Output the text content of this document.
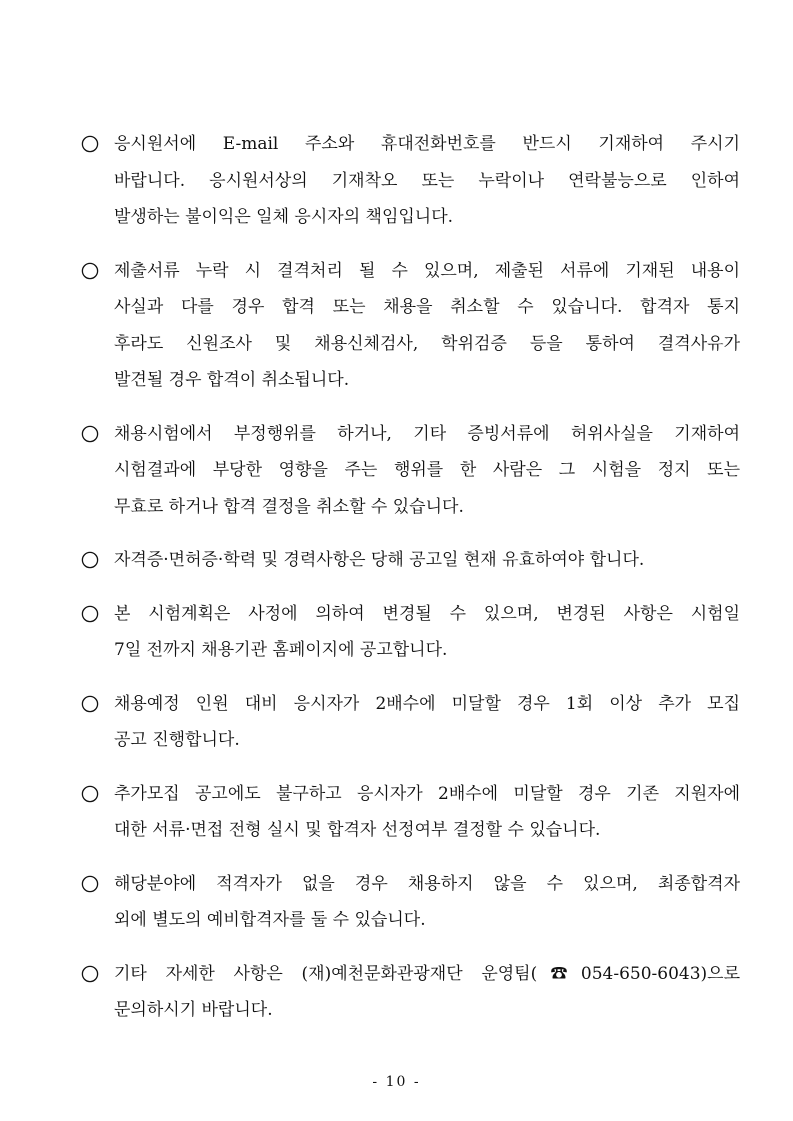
응시원서에 E-mail 주소와 휴대전화번호를 반드시 기재하여 주시기
바랍니다. 응시원서상의 기재착오 또는 누락이나 연락불능으로 인하여
발생하는 불이익은 일체 응시자의 책임입니다.
제출서류 누락 시 결격처리 될 수 있으며, 제출된 서류에 기재된 내용이
사실과 다를 경우 합격 또는 채용을 취소할 수 있습니다. 합격자 통지
후라도 신원조사 및 채용신체검사, 학위검증 등을 통하여 결격사유가
발견될 경우 합격이 취소됩니다.
채용시험에서 부정행위를 하거나, 기타 증빙서류에 허위사실을 기재하여
시험결과에 부당한 영향을 주는 행위를 한 사람은 그 시험을 정지 또는
무효로 하거나 합격 결정을 취소할 수 있습니다.
자격증·면허증·학력 및 경력사항은 당해 공고일 현재 유효하여야 합니다.
본 시험계획은 사정에 의하여 변경될 수 있으며, 변경된 사항은 시험일
7일 전까지 채용기관 홈페이지에 공고합니다.
채용예정 인원 대비 응시자가 2배수에 미달할 경우 1회 이상 추가 모집
공고 진행합니다.
추가모집 공고에도 불구하고 응시자가 2배수에 미달할 경우 기존 지원자에
대한 서류·면접 전형 실시 및 합격자 선정여부 결정할 수 있습니다.
해당분야에 적격자가 없을 경우 채용하지 않을 수 있으며, 최종합격자
외에 별도의 예비합격자를 둘 수 있습니다.
기타 자세한 사항은 (재)예천문화관광재단 운영팀(☎054-650-6043)으로
문의하시기 바랍니다.
- 10 -
